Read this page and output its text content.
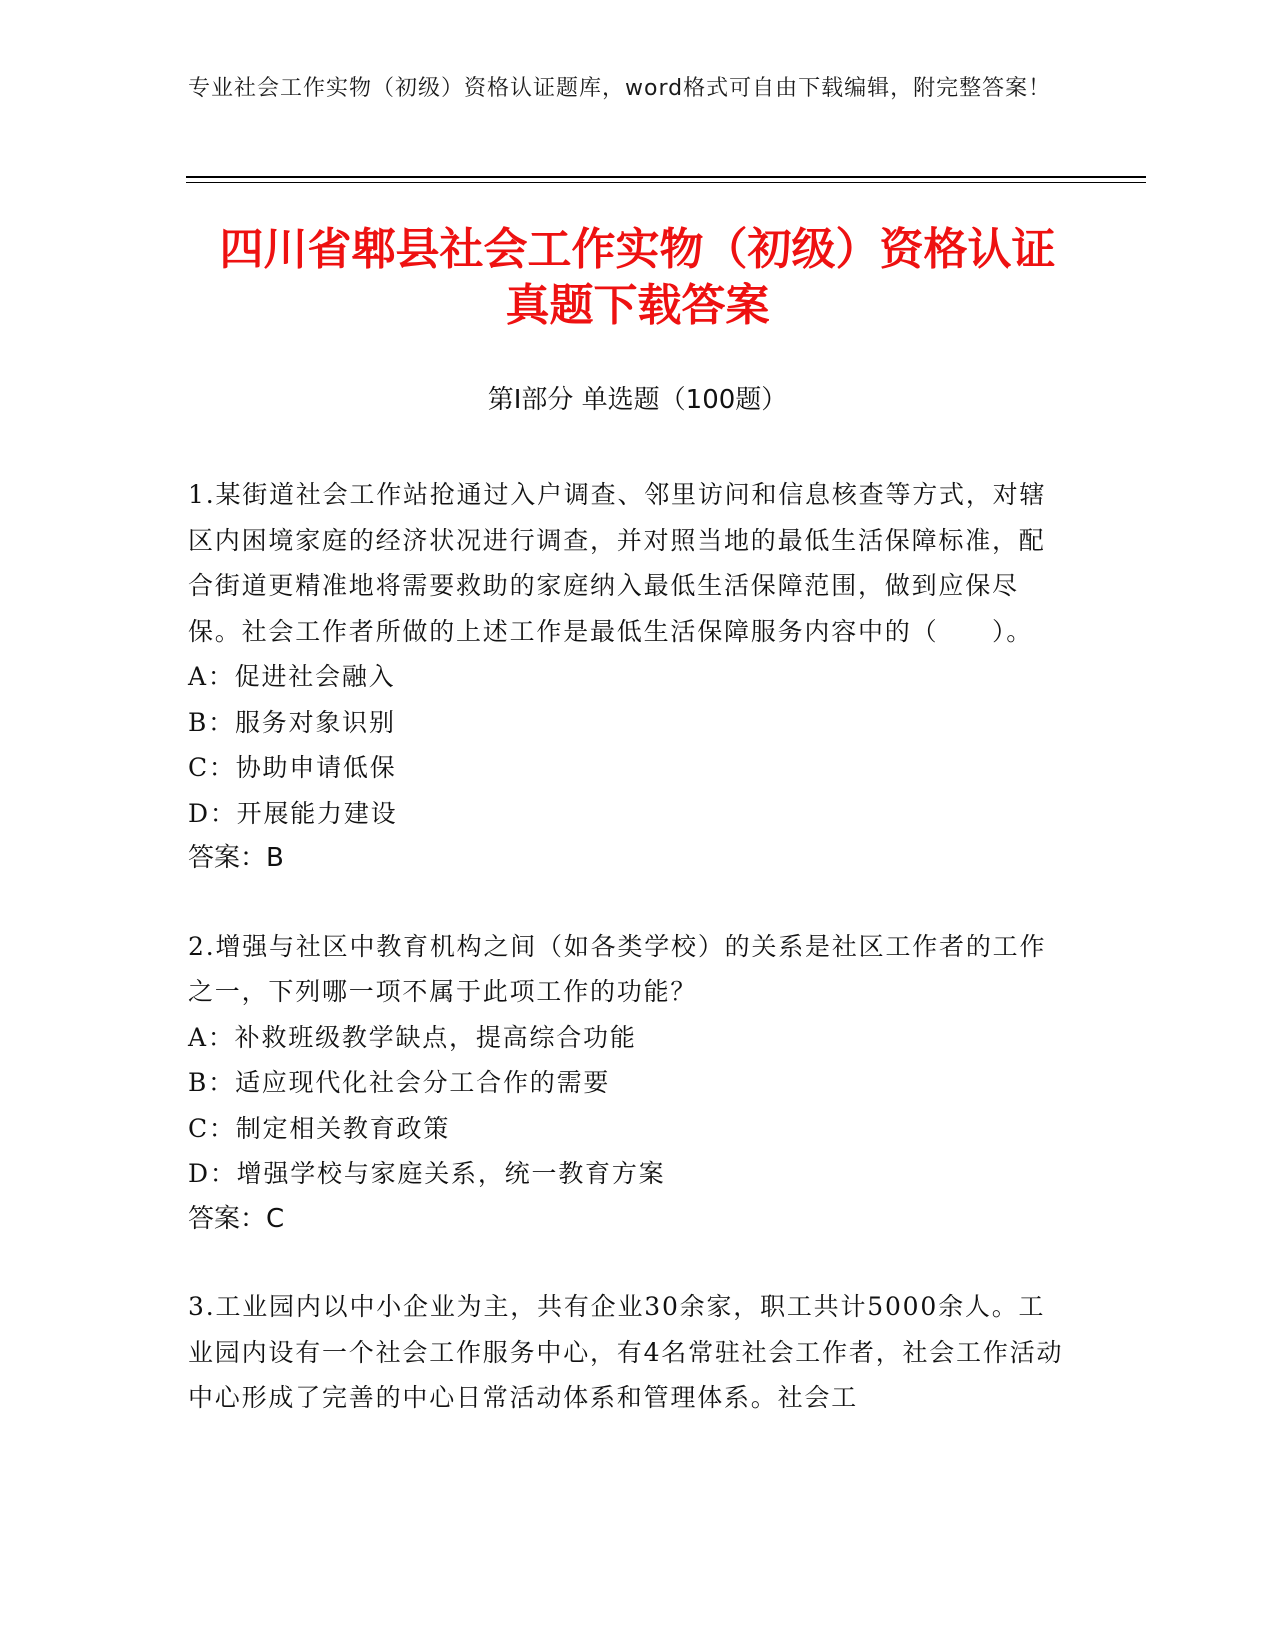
专业社会工作实物（初级）资格认证题库，word格式可自由下载编辑，附完整答案！
四川省郫县社会工作实物（初级）资格认证
真题下载答案
第Ⅰ部分 单选题（100题）
1.某街道社会工作站抢通过入户调查、邻里访问和信息核查等方式，对辖区内困境家庭的经济状况进行调查，并对照当地的最低生活保障标准，配合街道更精准地将需要救助的家庭纳入最低生活保障范围，做到应保尽保。社会工作者所做的上述工作是最低生活保障服务内容中的（　　）。
A：促进社会融入
B：服务对象识别
C：协助申请低保
D：开展能力建设
答案：B
2.增强与社区中教育机构之间（如各类学校）的关系是社区工作者的工作之一，下列哪一项不属于此项工作的功能？
A：补救班级教学缺点，提高综合功能
B：适应现代化社会分工合作的需要
C：制定相关教育政策
D：增强学校与家庭关系，统一教育方案
答案：C
3.工业园内以中小企业为主，共有企业30余家，职工共计5000余人。工业园内设有一个社会工作服务中心，有4名常驻社会工作者，社会工作活动中心形成了完善的中心日常活动体系和管理体系。社会工
